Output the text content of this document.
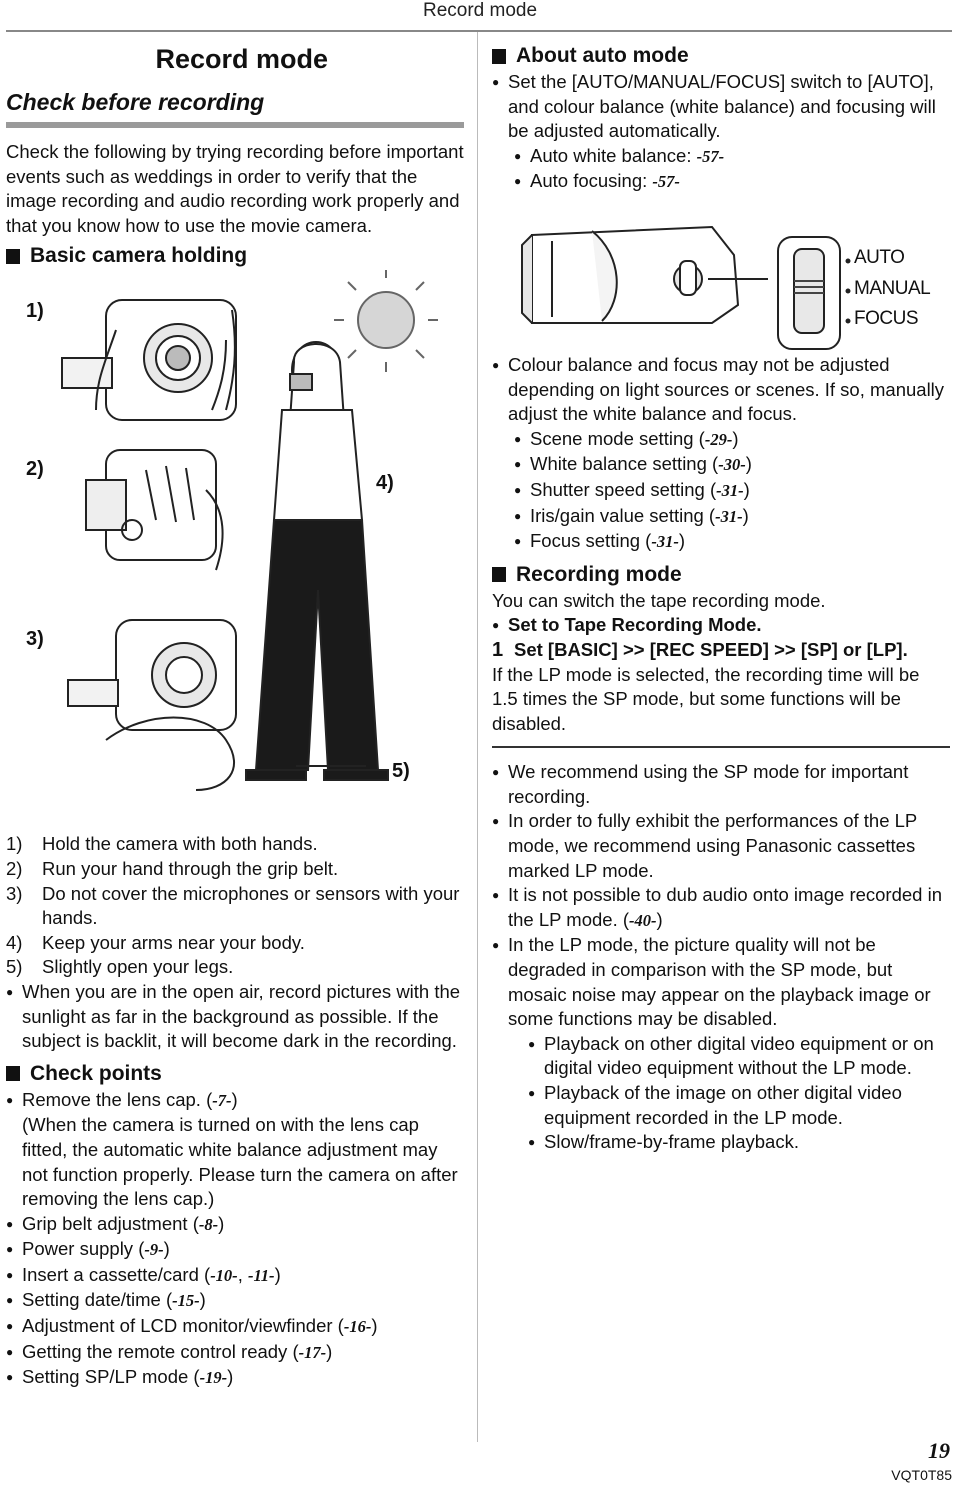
Record mode
Record mode
Check before recording
Check the following by trying recording before important events such as weddings in order to verify that the image recording and audio recording work properly and that you know how to use the movie camera.
Basic camera holding
1)
2)
3)
4)
5)
1) Hold the camera with both hands.
2) Run your hand through the grip belt.
3) Do not cover the microphones or sensors with your hands.
4) Keep your arms near your body.
5) Slightly open your legs.
● When you are in the open air, record pictures with the sunlight as far in the background as possible. If the subject is backlit, it will become dark in the recording.
Check points
● Remove the lens cap. (-7-)
(When the camera is turned on with the lens cap fitted, the automatic white balance adjustment may not function properly. Please turn the camera on after removing the lens cap.)
● Grip belt adjustment (-8-)
● Power supply (-9-)
● Insert a cassette/card (-10-, -11-)
● Setting date/time (-15-)
● Adjustment of LCD monitor/viewfinder (-16-)
● Getting the remote control ready (-17-)
● Setting SP/LP mode (-19-)
About auto mode
● Set the [AUTO/MANUAL/FOCUS] switch to [AUTO], and colour balance (white balance) and focusing will be adjusted automatically.
● Auto white balance: -57-
● Auto focusing: -57-
AUTO
MANUAL
FOCUS
● Colour balance and focus may not be adjusted depending on light sources or scenes. If so, manually adjust the white balance and focus.
● Scene mode setting (-29-)
● White balance setting (-30-)
● Shutter speed setting (-31-)
● Iris/gain value setting (-31-)
● Focus setting (-31-)
Recording mode
You can switch the tape recording mode.
● Set to Tape Recording Mode.
1 Set [BASIC] >> [REC SPEED] >> [SP] or [LP].
If the LP mode is selected, the recording time will be 1.5 times the SP mode, but some functions will be disabled.
● We recommend using the SP mode for important recording.
● In order to fully exhibit the performances of the LP mode, we recommend using Panasonic cassettes marked LP mode.
● It is not possible to dub audio onto image recorded in the LP mode. (-40-)
● In the LP mode, the picture quality will not be degraded in comparison with the SP mode, but mosaic noise may appear on the playback image or some functions may be disabled.
● Playback on other digital video equipment or on digital video equipment without the LP mode.
● Playback of the image on other digital video equipment recorded in the LP mode.
● Slow/frame-by-frame playback.
19
VQT0T85
